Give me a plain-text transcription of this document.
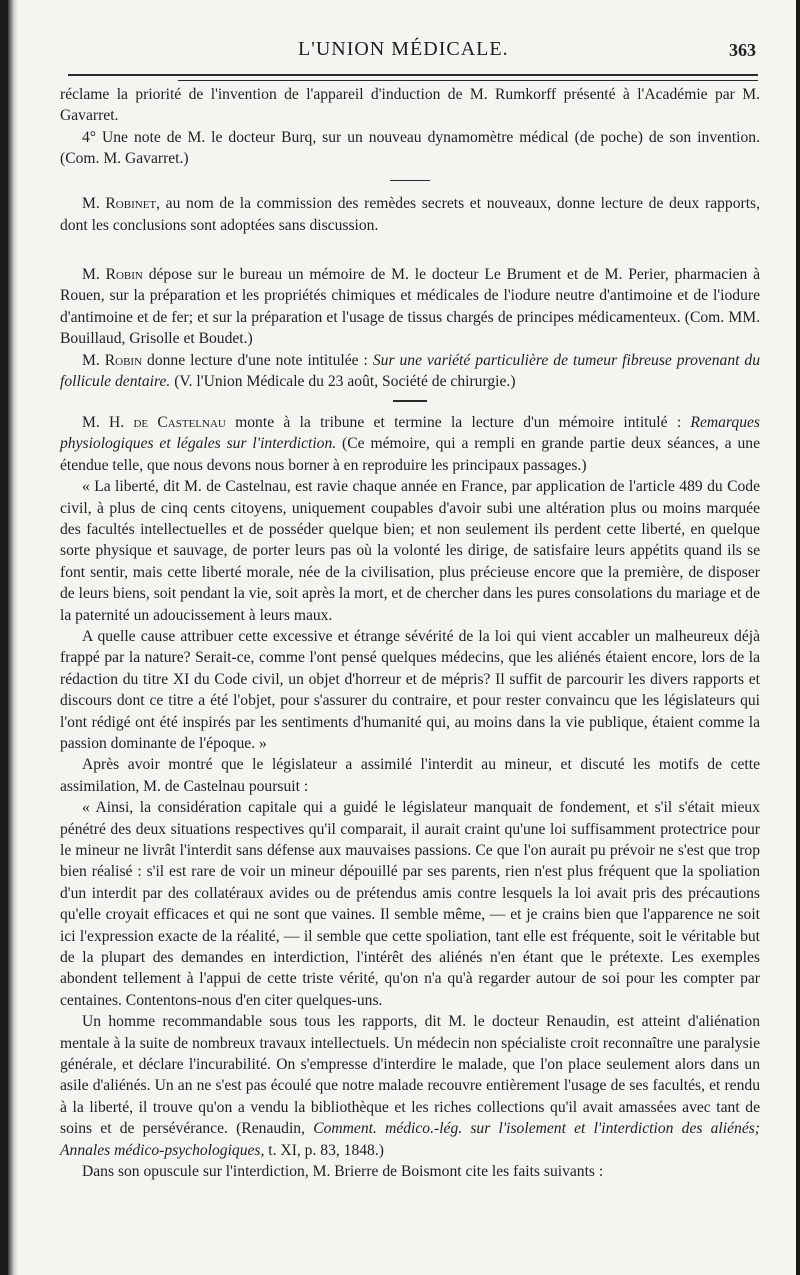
L'UNION MÉDICALE.	363

réclame la priorité de l'invention de l'appareil d'induction de M. Rumkorff présenté à l'Académie par M. Gavarret.

4° Une note de M. le docteur Burq, sur un nouveau dynamomètre médical (de poche) de son invention. (Com. M. Gavarret.)

M. Robinet, au nom de la commission des remèdes secrets et nouveaux, donne lecture de deux rapports, dont les conclusions sont adoptées sans discussion.

M. Robin dépose sur le bureau un mémoire de M. le docteur Le Brument et de M. Perier, pharmacien à Rouen, sur la préparation et les propriétés chimiques et médicales de l'iodure neutre d'antimoine et de l'iodure d'antimoine et de fer; et sur la préparation et l'usage de tissus chargés de principes médicamenteux. (Com. MM. Bouillaud, Grisolle et Boudet.)

M. Robin donne lecture d'une note intitulée : Sur une variété particulière de tumeur fibreuse provenant du follicule dentaire. (V. l'Union Médicale du 23 août, Société de chirurgie.)

M. H. de Castelnau monte à la tribune et termine la lecture d'un mémoire intitulé : Remarques physiologiques et légales sur l'interdiction. (Ce mémoire, qui a rempli en grande partie deux séances, a une étendue telle, que nous devons nous borner à en reproduire les principaux passages.)

« La liberté, dit M. de Castelnau, est ravie chaque année en France, par application de l'article 489 du Code civil, à plus de cinq cents citoyens, uniquement coupables d'avoir subi une altération plus ou moins marquée des facultés intellectuelles et de posséder quelque bien; et non seulement ils perdent cette liberté, en quelque sorte physique et sauvage, de porter leurs pas où la volonté les dirige, de satisfaire leurs appétits quand ils se font sentir, mais cette liberté morale, née de la civilisation, plus précieuse encore que la première, de disposer de leurs biens, soit pendant la vie, soit après la mort, et de chercher dans les pures consolations du mariage et de la paternité un adoucissement à leurs maux.

A quelle cause attribuer cette excessive et étrange sévérité de la loi qui vient accabler un malheureux déjà frappé par la nature? Serait-ce, comme l'ont pensé quelques médecins, que les aliénés étaient encore, lors de la rédaction du titre XI du Code civil, un objet d'horreur et de mépris? Il suffit de parcourir les divers rapports et discours dont ce titre a été l'objet, pour s'assurer du contraire, et pour rester convaincu que les législateurs qui l'ont rédigé ont été inspirés par les sentiments d'humanité qui, au moins dans la vie publique, étaient comme la passion dominante de l'époque. »

Après avoir montré que le législateur a assimilé l'interdit au mineur, et discuté les motifs de cette assimilation, M. de Castelnau poursuit :

« Ainsi, la considération capitale qui a guidé le législateur manquait de fondement, et s'il s'était mieux pénétré des deux situations respectives qu'il comparait, il aurait craint qu'une loi suffisamment protectrice pour le mineur ne livrât l'interdit sans défense aux mauvaises passions. Ce que l'on aurait pu prévoir ne s'est que trop bien réalisé : s'il est rare de voir un mineur dépouillé par ses parents, rien n'est plus fréquent que la spoliation d'un interdit par des collatéraux avides ou de prétendus amis contre lesquels la loi avait pris des précautions qu'elle croyait efficaces et qui ne sont que vaines. Il semble même, — et je crains bien que l'apparence ne soit ici l'expression exacte de la réalité, — il semble que cette spoliation, tant elle est fréquente, soit le véritable but de la plupart des demandes en interdiction, l'intérêt des aliénés n'en étant que le prétexte. Les exemples abondent tellement à l'appui de cette triste vérité, qu'on n'a qu'à regarder autour de soi pour les compter par centaines. Contentons-nous d'en citer quelques-uns.

Un homme recommandable sous tous les rapports, dit M. le docteur Renaudin, est atteint d'aliénation mentale à la suite de nombreux travaux intellectuels. Un médecin non spécialiste croit reconnaître une paralysie générale, et déclare l'incurabilité. On s'empresse d'interdire le malade, que l'on place seulement alors dans un asile d'aliénés. Un an ne s'est pas écoulé que notre malade recouvre entièrement l'usage de ses facultés, et rendu à la liberté, il trouve qu'on a vendu la bibliothèque et les riches collections qu'il avait amassées avec tant de soins et de persévérance. (Renaudin, Comment. médico.-lég. sur l'isolement et l'interdiction des aliénés; Annales médico-psychologiques, t. XI, p. 83, 1848.)

Dans son opuscule sur l'interdiction, M. Brierre de Boismont cite les faits suivants :
